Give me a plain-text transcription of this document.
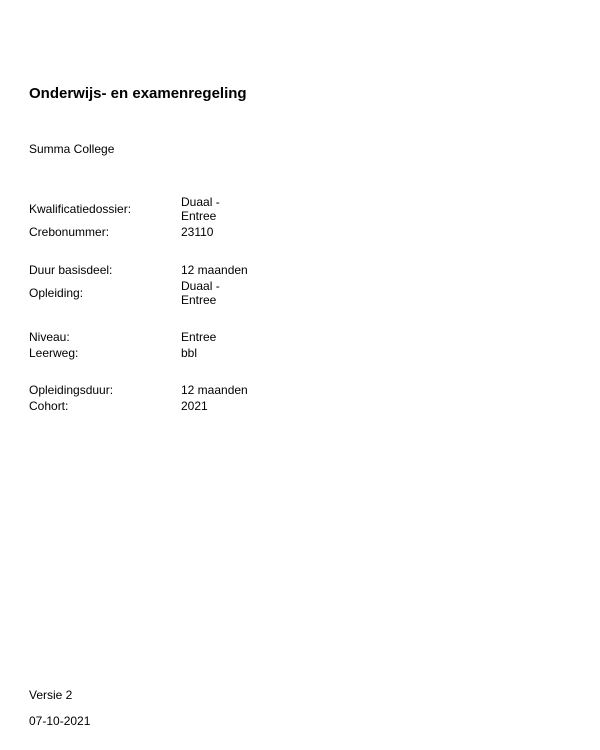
Onderwijs- en examenregeling
Summa College
Kwalificatiedossier:	Duaal - Entree
Crebonummer:	23110
Duur basisdeel:	12 maanden
Opleiding:	Duaal - Entree
Niveau:	Entree
Leerweg:	bbl
Opleidingsduur:	12 maanden
Cohort:	2021
Versie 2
07-10-2021
